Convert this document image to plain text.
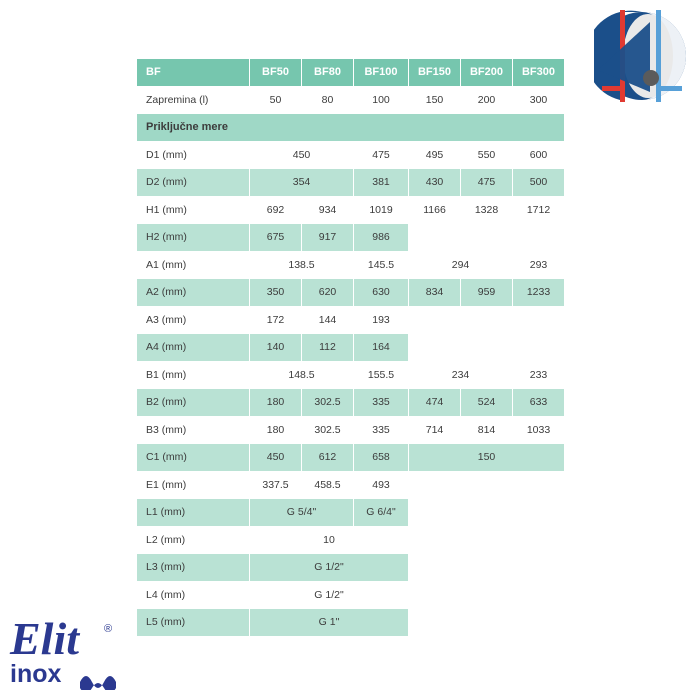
BF	BF50	BF80	BF100	BF150	BF200	BF300
Zapremina (l)	50	80	100	150	200	300
Priključne mere						
D1 (mm)	450		475	495	550	600
D2 (mm)	354		381	430	475	500
H1 (mm)	692	934	1019	1166	1328	1712
H2 (mm)	675	917	986			
A1 (mm)	138.5		145.5	294		293
A2 (mm)	350	620	630	834	959	1233
A3 (mm)	172	144	193			
A4 (mm)	140	112	164			
B1 (mm)	148.5		155.5	234		233
B2 (mm)	180	302.5	335	474	524	633
B3 (mm)	180	302.5	335	714	814	1033
C1 (mm)	450	612	658	150		
E1 (mm)	337.5	458.5	493			
L1 (mm)	G 5/4"		G 6/4"			
L2 (mm)	10					
L3 (mm)	G 1/2"					
L4 (mm)	G 1/2"					
L5 (mm)	G 1"					
Elit ®
inox
